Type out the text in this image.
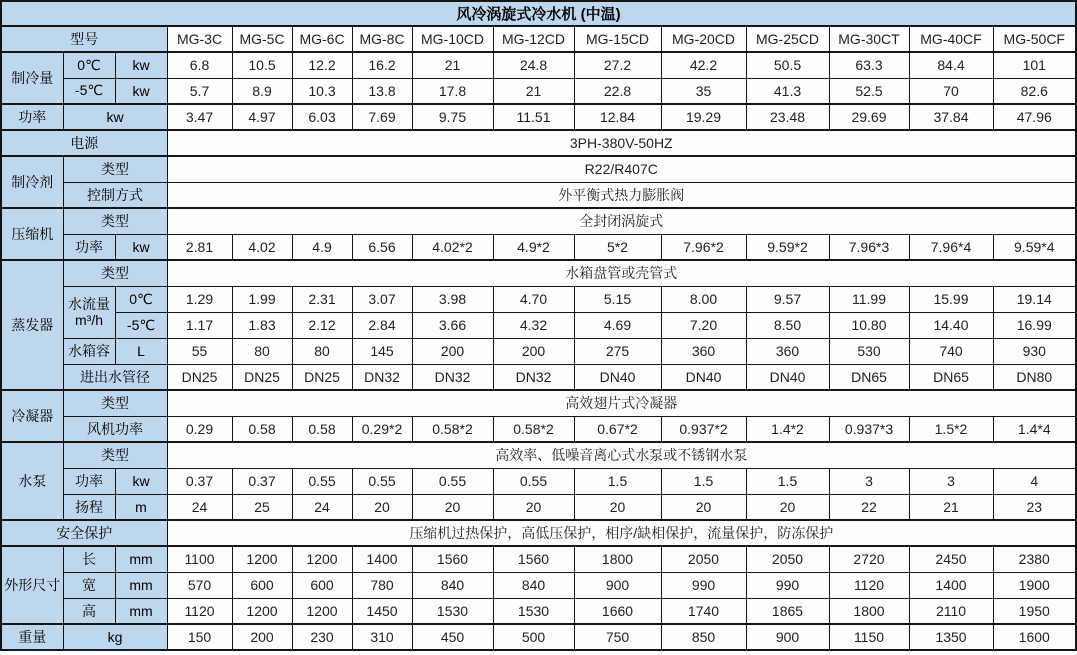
风冷涡旋式冷水机 (中温)														
型号			MG-3C	MG-5C	MG-6C	MG-8C	MG-10CD	MG-12CD	MG-15CD	MG-20CD	MG-25CD	MG-30CT	MG-40CF	MG-50CF
制冷量	0℃	kw	6.8	10.5	12.2	16.2	21	24.8	27.2	42.2	50.5	63.3	84.4	101
	-5℃	kw	5.7	8.9	10.3	13.8	17.8	21	22.8	35	41.3	52.5	70	82.6
功率	kw		3.47	4.97	6.03	7.69	9.75	11.51	12.84	19.29	23.48	29.69	37.84	47.96
电源			3PH-380V-50HZ											
制冷剂	类型		R22/R407C											
	控制方式		外平衡式热力膨胀阀											
压缩机	类型		全封闭涡旋式											
	功率	kw	2.81	4.02	4.9	6.56	4.02*2	4.9*2	5*2	7.96*2	9.59*2	7.96*3	7.96*4	9.59*4
蒸发器	类型		水箱盘管或壳管式											
	水流量 m³/h	0℃	1.29	1.99	2.31	3.07	3.98	4.70	5.15	8.00	9.57	11.99	15.99	19.14
		-5℃	1.17	1.83	2.12	2.84	3.66	4.32	4.69	7.20	8.50	10.80	14.40	16.99
	水箱容	L	55	80	80	145	200	200	275	360	360	530	740	930
	进出水管径		DN25	DN25	DN25	DN32	DN32	DN32	DN40	DN40	DN40	DN65	DN65	DN80
冷凝器	类型		高效翅片式冷凝器											
	风机功率		0.29	0.58	0.58	0.29*2	0.58*2	0.58*2	0.67*2	0.937*2	1.4*2	0.937*3	1.5*2	1.4*4
水泵	类型		高效率、低噪音离心式水泵或不锈钢水泵											
	功率	kw	0.37	0.37	0.55	0.55	0.55	0.55	1.5	1.5	1.5	3	3	4
	扬程	m	24	25	24	20	20	20	20	20	20	22	21	23
安全保护			压缩机过热保护，高低压保护，相序/缺相保护，流量保护，防冻保护											
外形尺寸	长	mm	1100	1200	1200	1400	1560	1560	1800	2050	2050	2720	2450	2380
	宽	mm	570	600	600	780	840	840	900	990	990	1120	1400	1900
	高	mm	1120	1200	1200	1450	1530	1530	1660	1740	1865	1800	2110	1950
重量	kg		150	200	230	310	450	500	750	850	900	1150	1350	1600
